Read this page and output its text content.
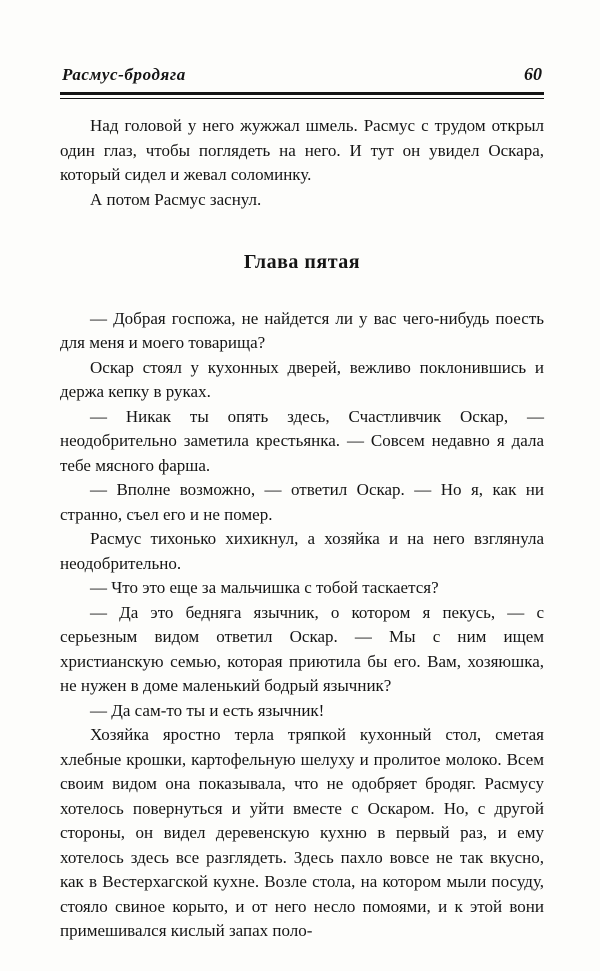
Расмус-бродяга	60

Над головой у него жужжал шмель. Расмус с трудом открыл один глаз, чтобы поглядеть на него. И тут он увидел Оскара, который сидел и жевал соломинку.

А потом Расмус заснул.

Глава пятая

— Добрая госпожа, не найдется ли у вас чего-нибудь поесть для меня и моего товарища?

Оскар стоял у кухонных дверей, вежливо поклонившись и держа кепку в руках.

— Никак ты опять здесь, Счастливчик Оскар, — неодобрительно заметила крестьянка. — Совсем недавно я дала тебе мясного фарша.

— Вполне возможно, — ответил Оскар. — Но я, как ни странно, съел его и не помер.

Расмус тихонько хихикнул, а хозяйка и на него взглянула неодобрительно.

— Что это еще за мальчишка с тобой таскается?

— Да это бедняга язычник, о котором я пекусь, — с серьезным видом ответил Оскар. — Мы с ним ищем христианскую семью, которая приютила бы его. Вам, хозяюшка, не нужен в доме маленький бодрый язычник?

— Да сам-то ты и есть язычник!

Хозяйка яростно терла тряпкой кухонный стол, сметая хлебные крошки, картофельную шелуху и пролитое молоко. Всем своим видом она показывала, что не одобряет бродяг. Расмусу хотелось повернуться и уйти вместе с Оскаром. Но, с другой стороны, он видел деревенскую кухню в первый раз, и ему хотелось здесь все разглядеть. Здесь пахло вовсе не так вкусно, как в Вестерхагской кухне. Возле стола, на котором мыли посуду, стояло свиное корыто, и от него несло помоями, и к этой вони примешивался кислый запах поло-
